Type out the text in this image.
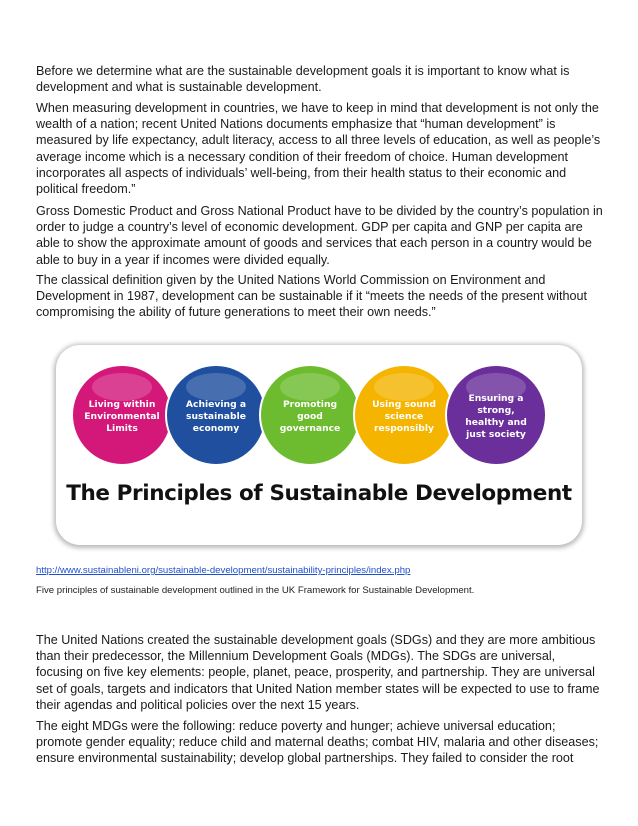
Before we determine what are the sustainable development goals it is important to know what is development and what is sustainable development.

When measuring development in countries, we have to keep in mind that development is not only the wealth of a nation; recent United Nations documents emphasize that “human development” is measured by life expectancy, adult literacy, access to all three levels of education, as well as people’s average income which is a necessary condition of their freedom of choice. Human development incorporates all aspects of individuals’ well-being, from their health status to their economic and political freedom.”

Gross Domestic Product and Gross National Product have to be divided by the country’s population in order to judge a country’s level of economic development. GDP per capita and GNP per capita are able to show the approximate amount of goods and services that each person in a country would be able to buy in a year if incomes were divided equally.

The classical definition given by the United Nations World Commission on Environment and Development in 1987, development can be sustainable if it “meets the needs of the present without compromising the ability of future generations to meet their own needs.”

Living within
Environmental
Limits
Achieving a
sustainable
economy
Promoting
good
governance
Using sound
science
responsibly
Ensuring a
strong,
healthy and
just society
The Principles of Sustainable Development
http://www.sustainableni.org/sustainable-development/sustainability-principles/index.php
Five principles of sustainable development outlined in the UK Framework for Sustainable Development.

The United Nations created the sustainable development goals (SDGs) and they are more ambitious than their predecessor, the Millennium Development Goals (MDGs). The SDGs are universal, focusing on five key elements: people, planet, peace, prosperity, and partnership. They are universal set of goals, targets and indicators that United Nation member states will be expected to use to frame their agendas and political policies over the next 15 years.

The eight MDGs were the following: reduce poverty and hunger; achieve universal education; promote gender equality; reduce child and maternal deaths; combat HIV, malaria and other diseases; ensure environmental sustainability; develop global partnerships. They failed to consider the root
